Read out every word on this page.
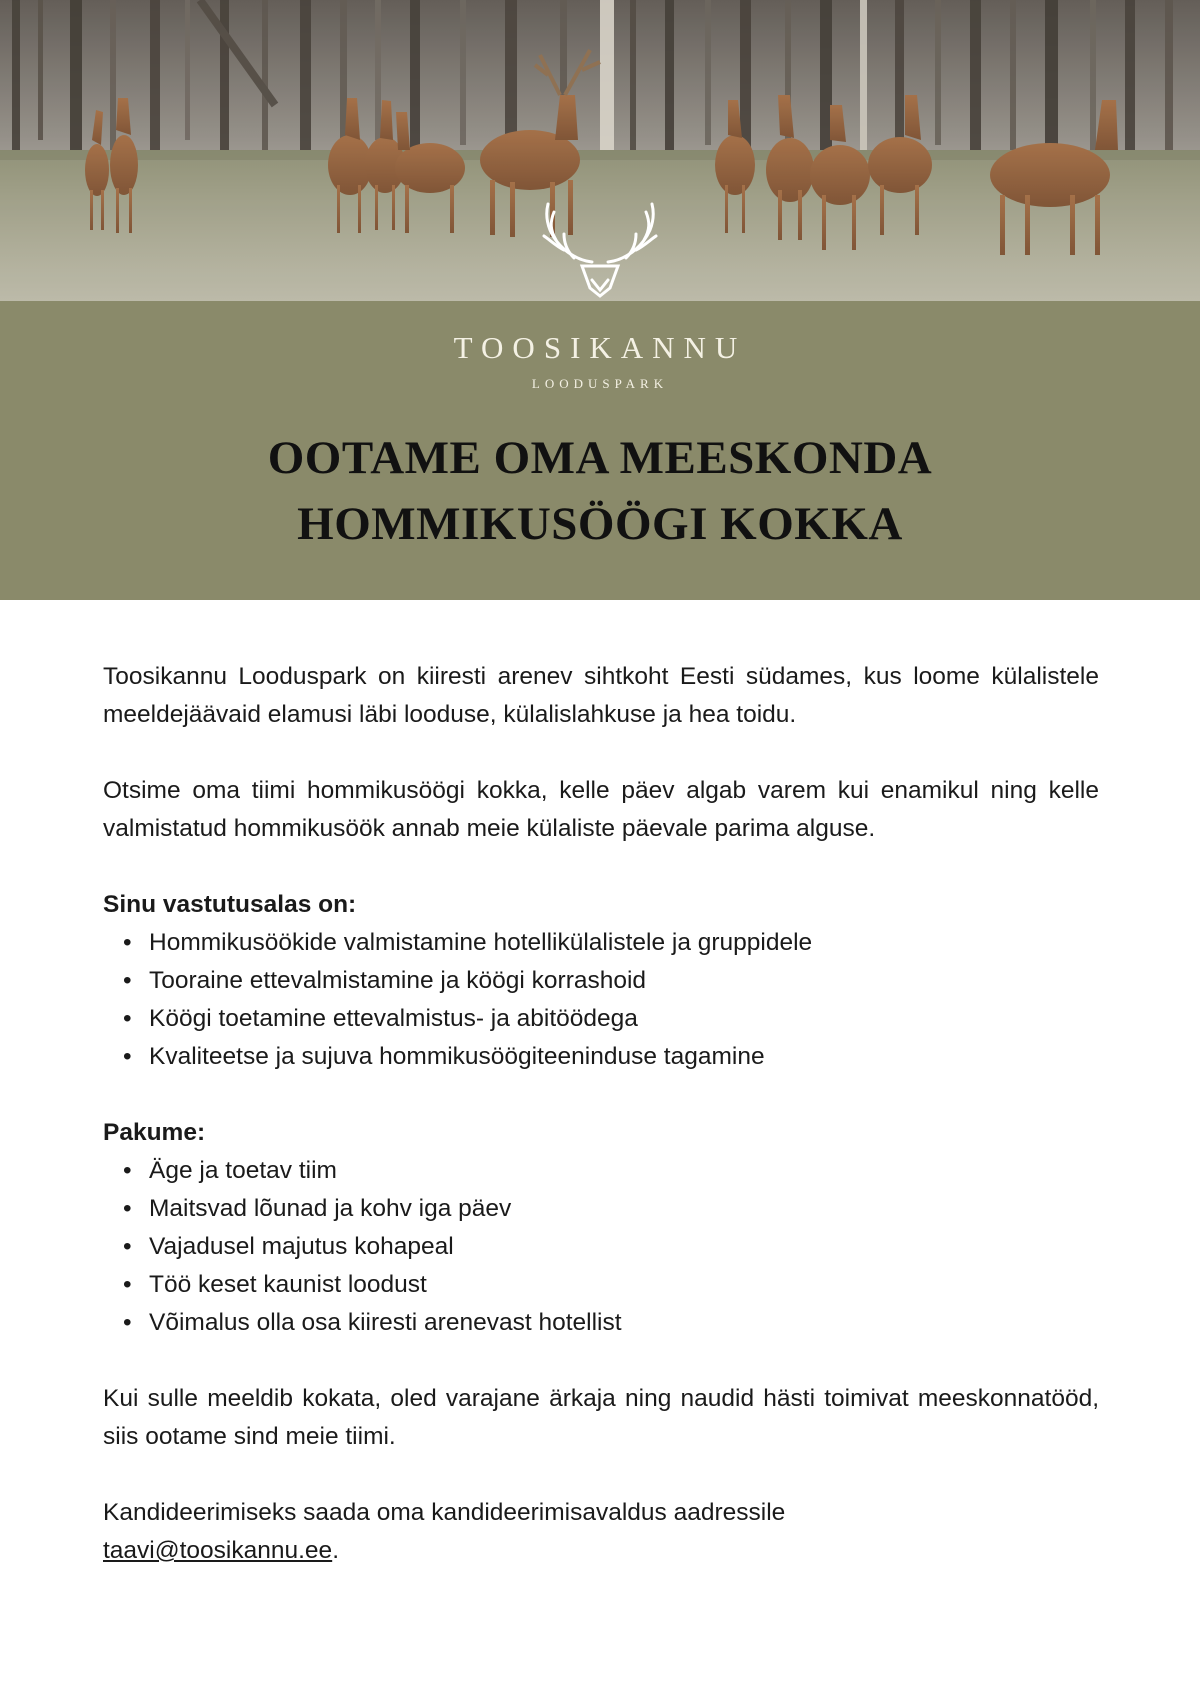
TOOSIKANNU
LOODUSPARK
OOTAME OMA MEESKONDA
HOMMIKUSÖÖGI KOKKA

Toosikannu Looduspark on kiiresti arenev sihtkoht Eesti südames, kus loome külalistele meeldejäävaid elamusi läbi looduse, külalislahkuse ja hea toidu.

Otsime oma tiimi hommikusöögi kokka, kelle päev algab varem kui enamikul ning kelle valmistatud hommikusöök annab meie külaliste päevale parima alguse.

Sinu vastutusalas on:
• Hommikusöökide valmistamine hotellikülalistele ja gruppidele
• Tooraine ettevalmistamine ja köögi korrashoid
• Köögi toetamine ettevalmistus- ja abitöödega
• Kvaliteetse ja sujuva hommikusöögiteeninduse tagamine
Pakume:
• Äge ja toetav tiim
• Maitsvad lõunad ja kohv iga päev
• Vajadusel majutus kohapeal
• Töö keset kaunist loodust
• Võimalus olla osa kiiresti arenevast hotellist

Kui sulle meeldib kokata, oled varajane ärkaja ning naudid hästi toimivat meeskonnatööd, siis ootame sind meie tiimi.

Kandideerimiseks saada oma kandideerimisavaldus aadressile
taavi@toosikannu.ee.
